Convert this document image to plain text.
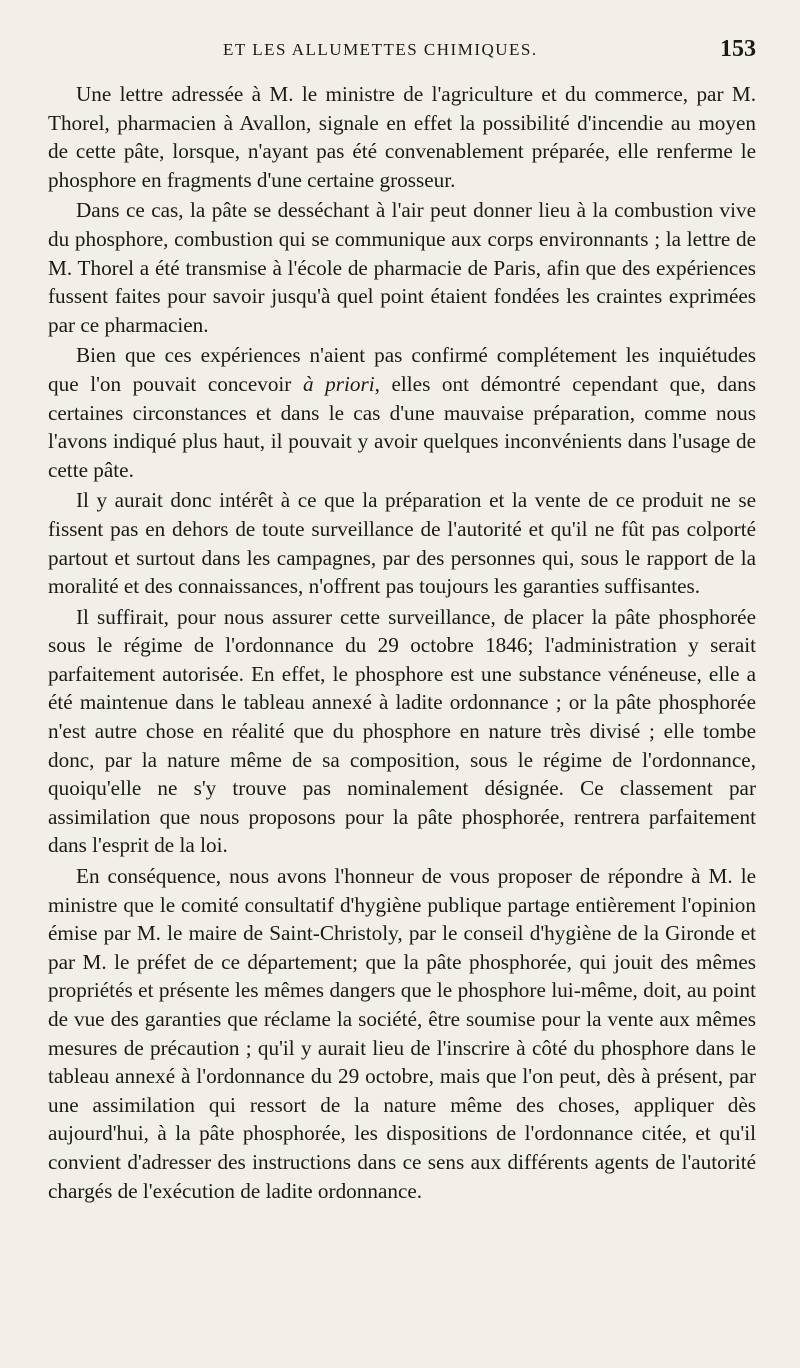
ET LES ALLUMETTES CHIMIQUES.	153

Une lettre adressée à M. le ministre de l'agriculture et du commerce, par M. Thorel, pharmacien à Avallon, signale en effet la possibilité d'incendie au moyen de cette pâte, lorsque, n'ayant pas été convenablement préparée, elle renferme le phosphore en fragments d'une certaine grosseur.

Dans ce cas, la pâte se desséchant à l'air peut donner lieu à la combustion vive du phosphore, combustion qui se communique aux corps environnants ; la lettre de M. Thorel a été transmise à l'école de pharmacie de Paris, afin que des expériences fussent faites pour savoir jusqu'à quel point étaient fondées les craintes exprimées par ce pharmacien.

Bien que ces expériences n'aient pas confirmé complétement les inquiétudes que l'on pouvait concevoir à priori, elles ont démontré cependant que, dans certaines circonstances et dans le cas d'une mauvaise préparation, comme nous l'avons indiqué plus haut, il pouvait y avoir quelques inconvénients dans l'usage de cette pâte.

Il y aurait donc intérêt à ce que la préparation et la vente de ce produit ne se fissent pas en dehors de toute surveillance de l'autorité et qu'il ne fût pas colporté partout et surtout dans les campagnes, par des personnes qui, sous le rapport de la moralité et des connaissances, n'offrent pas toujours les garanties suffisantes.

Il suffirait, pour nous assurer cette surveillance, de placer la pâte phosphorée sous le régime de l'ordonnance du 29 octobre 1846; l'administration y serait parfaitement autorisée. En effet, le phosphore est une substance vénéneuse, elle a été maintenue dans le tableau annexé à ladite ordonnance ; or la pâte phosphorée n'est autre chose en réalité que du phosphore en nature très divisé ; elle tombe donc, par la nature même de sa composition, sous le régime de l'ordonnance, quoiqu'elle ne s'y trouve pas nominalement désignée. Ce classement par assimilation que nous proposons pour la pâte phosphorée, rentrera parfaitement dans l'esprit de la loi.

En conséquence, nous avons l'honneur de vous proposer de répondre à M. le ministre que le comité consultatif d'hygiène publique partage entièrement l'opinion émise par M. le maire de Saint-Christoly, par le conseil d'hygiène de la Gironde et par M. le préfet de ce département; que la pâte phosphorée, qui jouit des mêmes propriétés et présente les mêmes dangers que le phosphore lui-même, doit, au point de vue des garanties que réclame la société, être soumise pour la vente aux mêmes mesures de précaution ; qu'il y aurait lieu de l'inscrire à côté du phosphore dans le tableau annexé à l'ordonnance du 29 octobre, mais que l'on peut, dès à présent, par une assimilation qui ressort de la nature même des choses, appliquer dès aujourd'hui, à la pâte phosphorée, les dispositions de l'ordonnance citée, et qu'il convient d'adresser des instructions dans ce sens aux différents agents de l'autorité chargés de l'exécution de ladite ordonnance.
